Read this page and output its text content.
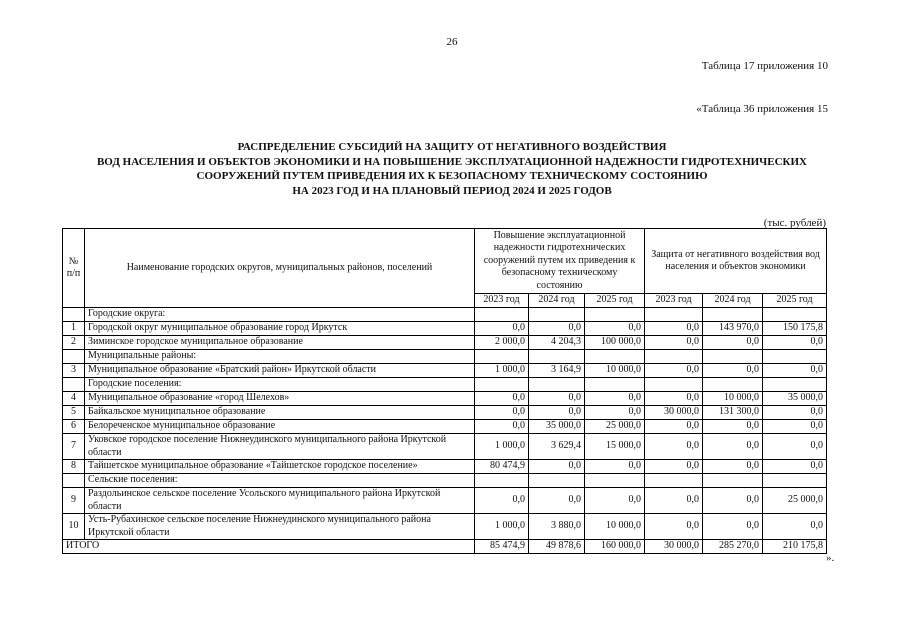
26
Таблица 17 приложения 10
«Таблица 36 приложения 15
РАСПРЕДЕЛЕНИЕ СУБСИДИЙ НА ЗАЩИТУ ОТ НЕГАТИВНОГО ВОЗДЕЙСТВИЯ
ВОД НАСЕЛЕНИЯ И ОБЪЕКТОВ ЭКОНОМИКИ И НА ПОВЫШЕНИЕ ЭКСПЛУАТАЦИОННОЙ НАДЕЖНОСТИ ГИДРОТЕХНИЧЕСКИХ
СООРУЖЕНИЙ ПУТЕМ ПРИВЕДЕНИЯ ИХ К БЕЗОПАСНОМУ ТЕХНИЧЕСКОМУ СОСТОЯНИЮ
НА 2023 ГОД И НА ПЛАНОВЫЙ ПЕРИОД 2024 И 2025 ГОДОВ
(тыс. рублей)
№ п/п	Наименование городских округов, муниципальных районов, поселений	Повышение эксплуатационной надежности гидротехнических сооружений путем их приведения к безопасному техническому состоянию			Защита от негативного воздействия вод населения и объектов экономики		
		2023 год	2024 год	2025 год	2023 год	2024 год	2025 год
	Городские округа:						
1	Городской округ муниципальное образование город Иркутск	0,0	0,0	0,0	0,0	143 970,0	150 175,8
2	Зиминское городское муниципальное образование	2 000,0	4 204,3	100 000,0	0,0	0,0	0,0
	Муниципальные районы:						
3	Муниципальное образование «Братский район» Иркутской области	1 000,0	3 164,9	10 000,0	0,0	0,0	0,0
	Городские поселения:						
4	Муниципальное образование «город Шелехов»	0,0	0,0	0,0	0,0	10 000,0	35 000,0
5	Байкальское муниципальное образование	0,0	0,0	0,0	30 000,0	131 300,0	0,0
6	Белореченское муниципальное образование	0,0	35 000,0	25 000,0	0,0	0,0	0,0
7	Уковское городское поселение Нижнеудинского муниципального района Иркутской области	1 000,0	3 629,4	15 000,0	0,0	0,0	0,0
8	Тайшетское муниципальное образование «Тайшетское городское поселение»	80 474,9	0,0	0,0	0,0	0,0	0,0
	Сельские поселения:						
9	Раздольинское сельское поселение Усольского муниципального района Иркутской области	0,0	0,0	0,0	0,0	0,0	25 000,0
10	Усть-Рубахинское сельское поселение Нижнеудинского муниципального района Иркутской области	1 000,0	3 880,0	10 000,0	0,0	0,0	0,0
ИТОГО		85 474,9	49 878,6	160 000,0	30 000,0	285 270,0	210 175,8
».
